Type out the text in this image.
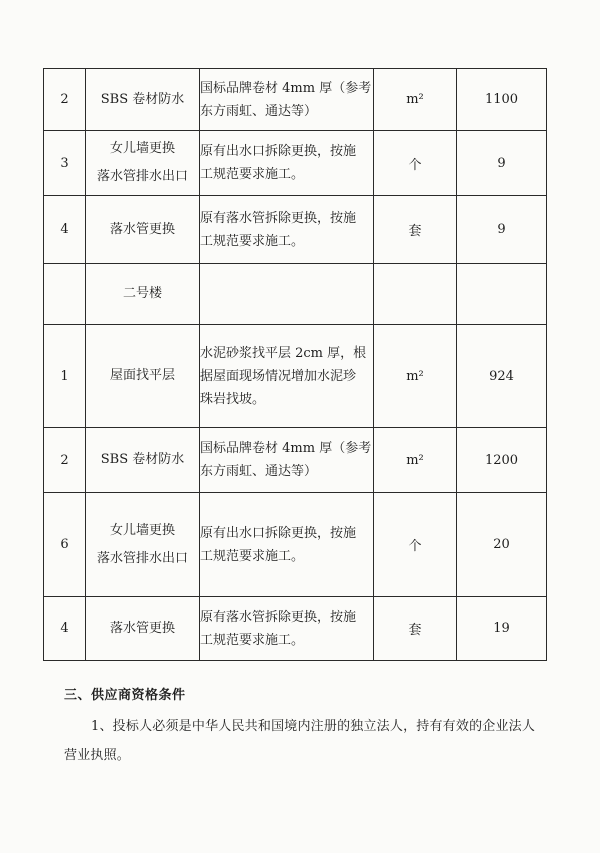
2	SBS 卷材防水	国标品牌卷材 4mm 厚（参考
东方雨虹、通达等）	m²	1100
3	女儿墙更换
落水管排水出口	原有出水口拆除更换，按施
工规范要求施工。	个	9
4	落水管更换	原有落水管拆除更换，按施
工规范要求施工。	套	9

	二号楼			

1	屋面找平层	水泥砂浆找平层 2cm 厚，根
据屋面现场情况增加水泥珍
珠岩找坡。	m²	924
2	SBS 卷材防水	国标品牌卷材 4mm 厚（参考
东方雨虹、通达等）	m²	1200
6	女儿墙更换
落水管排水出口	原有出水口拆除更换，按施
工规范要求施工。	个	20
4	落水管更换	原有落水管拆除更换，按施
工规范要求施工。	套	19

三、供应商资格条件

1、投标人必须是中华人民共和国境内注册的独立法人，持有有效的企业法人营业执照。
